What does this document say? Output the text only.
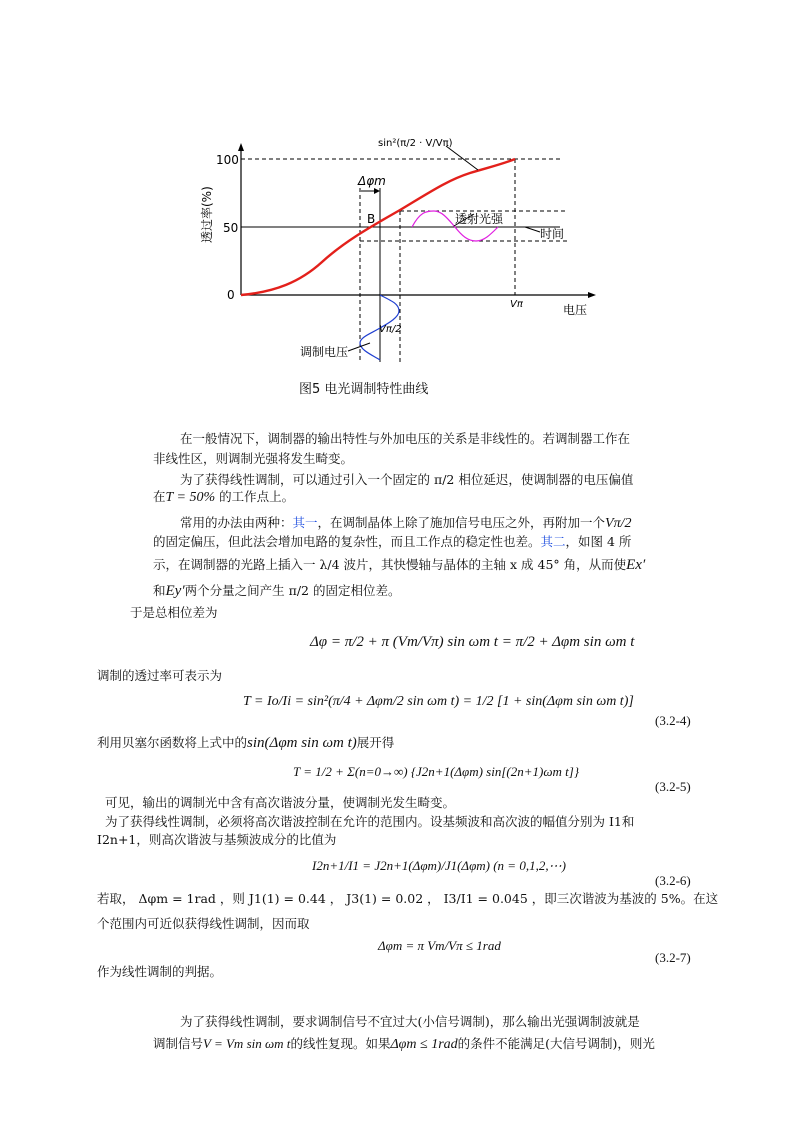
100
50
0
透过率(%)
电压
B
Δφm
Vπ
Vπ/2
透射光强
时间
调制电压
sin²(π/2 · V/Vπ)
图5 电光调制特性曲线
在一般情况下，调制器的输出特性与外加电压的关系是非线性的。若调制器工作在
非线性区，则调制光强将发生畸变。
为了获得线性调制，可以通过引入一个固定的 π/2 相位延迟，使调制器的电压偏值
在T = 50% 的工作点上。
常用的办法由两种：其一，在调制晶体上除了施加信号电压之外，再附加一个Vπ/2
的固定偏压，但此法会增加电路的复杂性，而且工作点的稳定性也差。其二，如图 4 所
示，在调制器的光路上插入一 λ/4 波片，其快慢轴与晶体的主轴 x 成 45° 角，从而使Ex′
和Ey′两个分量之间产生 π/2 的固定相位差。
于是总相位差为
Δφ = π/2 + π (Vm/Vπ) sin ωm t = π/2 + Δφm sin ωm t
调制的透过率可表示为
T = Io/Ii = sin²(π/4 + Δφm/2 sin ωm t) = 1/2 [1 + sin(Δφm sin ωm t)]
(3.2-4)
利用贝塞尔函数将上式中的sin(Δφm sin ωm t)展开得
T = 1/2 + Σ(n=0→∞) {J2n+1(Δφm) sin[(2n+1)ωm t]}
(3.2-5)
可见，输出的调制光中含有高次谐波分量，使调制光发生畸变。
为了获得线性调制，必须将高次谐波控制在允许的范围内。设基频波和高次波的幅值分别为 I1和
I2n+1，则高次谐波与基频波成分的比值为
I2n+1/I1 = J2n+1(Δφm)/J1(Δφm) (n = 0,1,2,⋯)
(3.2-6)
若取， Δφm = 1rad ，则 J1(1) = 0.44 ， J3(1) = 0.02 ， I3/I1 = 0.045 ，即三次谐波为基波的 5%。在这
个范围内可近似获得线性调制，因而取
Δφm = π Vm/Vπ ≤ 1rad
(3.2-7)
作为线性调制的判据。
为了获得线性调制，要求调制信号不宜过大(小信号调制)，那么输出光强调制波就是
调制信号V = Vm sin ωm t的线性复现。如果Δφm ≤ 1rad的条件不能满足(大信号调制)，则光
